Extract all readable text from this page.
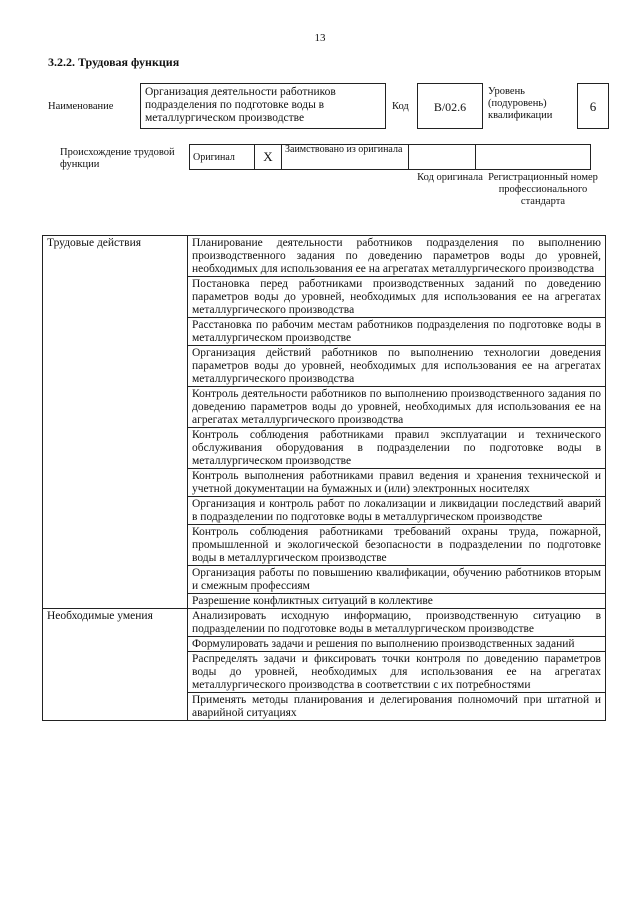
13
3.2.2. Трудовая функция
Наименование
Организация деятельности работников подразделения по подготовке воды в металлургическом производстве
Код	В/02.6
Уровень (подуровень) квалификации
6
Происхождение трудовой функции
Оригинал	X	Заимствовано из оригинала		
Код оригинала Регистрационный номер профессионального стандарта
Трудовые действия	Планирование деятельности работников подразделения по выполнению производственного задания по доведению параметров воды до уровней, необходимых для использования ее на агрегатах металлургического производства
	Постановка перед работниками производственных заданий по доведению параметров воды до уровней, необходимых для использования ее на агрегатах металлургического производства
	Расстановка по рабочим местам работников подразделения по подготовке воды в металлургическом производстве
	Организация действий работников по выполнению технологии доведения параметров воды до уровней, необходимых для использования ее на агрегатах металлургического производства
	Контроль деятельности работников по выполнению производственного задания по доведению параметров воды до уровней, необходимых для использования ее на агрегатах металлургического производства
	Контроль соблюдения работниками правил эксплуатации и технического обслуживания оборудования в подразделении по подготовке воды в металлургическом производстве
	Контроль выполнения работниками правил ведения и хранения технической и учетной документации на бумажных и (или) электронных носителях
	Организация и контроль работ по локализации и ликвидации последствий аварий в подразделении по подготовке воды в металлургическом производстве
	Контроль соблюдения работниками требований охраны труда, пожарной, промышленной и экологической безопасности в подразделении по подготовке воды в металлургическом производстве
	Организация работы по повышению квалификации, обучению работников вторым и смежным профессиям
	Разрешение конфликтных ситуаций в коллективе
Необходимые умения	Анализировать исходную информацию, производственную ситуацию в подразделении по подготовке воды в металлургическом производстве
	Формулировать задачи и решения по выполнению производственных заданий
	Распределять задачи и фиксировать точки контроля по доведению параметров воды до уровней, необходимых для использования ее на агрегатах металлургического производства в соответствии с их потребностями
	Применять методы планирования и делегирования полномочий при штатной и аварийной ситуациях
